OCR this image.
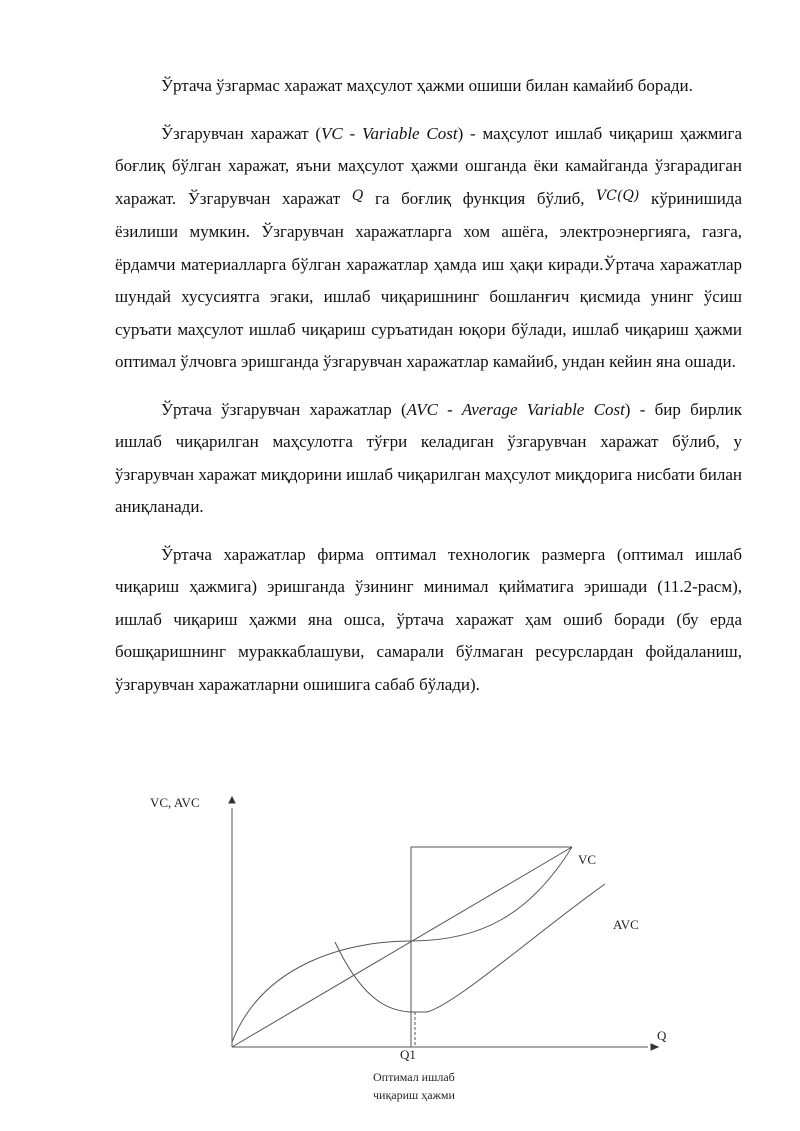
Ўртача ўзгармас харажат маҳсулот ҳажми ошиши билан камайиб боради.

Ўзгарувчан харажат (VC - Variable Cost) - маҳсулот ишлаб чиқариш ҳажмига боғлиқ бўлган харажат, яъни маҳсулот ҳажми ошганда ёки камайганда ўзгарадиган харажат. Ўзгарувчан харажат $^Q$ га боғлиқ функция бўлиб, $^{VC(Q)}$ кўринишида ёзилиши мумкин. Ўзгарувчан харажатларга хом ашёга, электроэнергияга, газга, ёрдамчи материалларга бўлган харажатлар ҳамда иш ҳақи киради.Ўртача харажатлар шундай хусусиятга эгаки, ишлаб чиқаришнинг бошланғич қисмида унинг ўсиш суръати маҳсулот ишлаб чиқариш суръатидан юқори бўлади, ишлаб чиқариш ҳажми оптимал ўлчовга эришганда ўзгарувчан харажатлар камайиб, ундан кейин яна ошади.

Ўртача ўзгарувчан харажатлар (AVC - Average Variable Cost) - бир бирлик ишлаб чиқарилган маҳсулотга тўғри келадиган ўзгарувчан харажат бўлиб, у ўзгарувчан харажат миқдорини ишлаб чиқарилган маҳсулот миқдорига нисбати билан аниқланади.

Ўртача харажатлар фирма оптимал технологик размерга (оптимал ишлаб чиқариш ҳажмига) эришганда ўзининг минимал қийматига эришади (11.2-расм), ишлаб чиқариш ҳажми яна ошса, ўртача харажат ҳам ошиб боради (бу ерда бошқаришнинг мураккаблашуви, самарали бўлмаган ресурслардан фойдаланиш, ўзгарувчан харажатларни ошишига сабаб бўлади).

VC, AVC
Q
VC
AVC
Q1
Оптимал ишлаб
чиқариш ҳажми
